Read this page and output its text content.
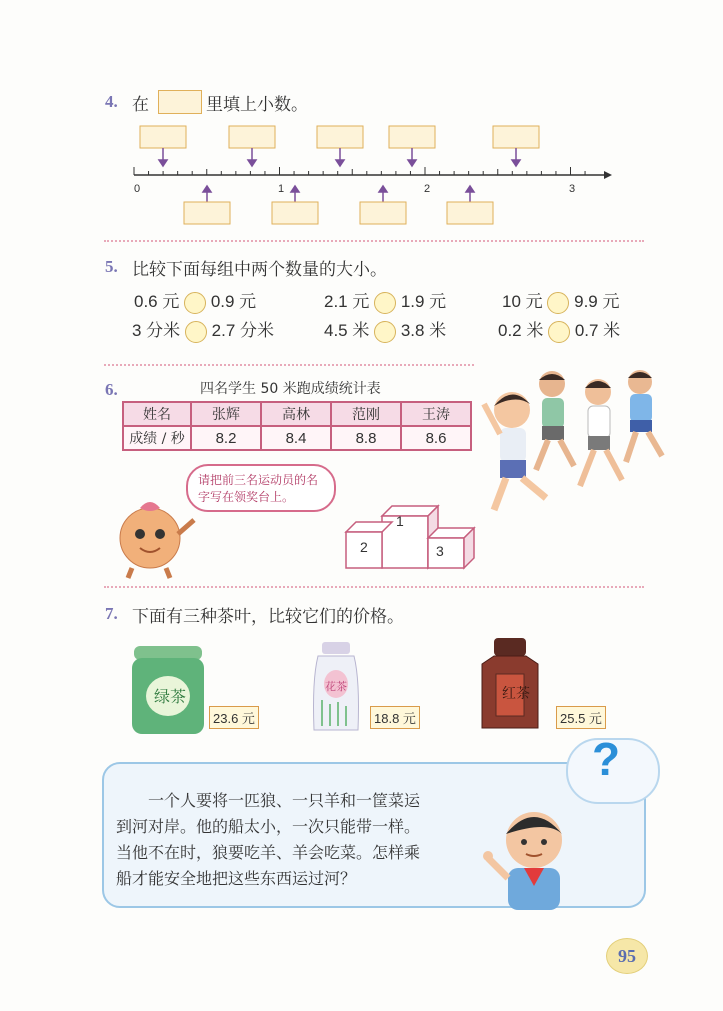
4. 在	里填上小数。
0	1	2	3
5. 比较下面每组中两个数量的大小。
0.6 元 0.9 元	2.1 元 1.9 元	10 元 9.9 元
3 分米 2.7 分米	4.5 米 3.8 米	0.2 米 0.7 米
6.	四名学生 50 米跑成绩统计表
姓名	张辉	高林	范刚	王涛
成绩 / 秒	8.2	8.4	8.8	8.6
请把前三名运动员的名字写在领奖台上。
1
2	3
7. 下面有三种茶叶，比较它们的价格。
绿茶
23.6 元
花茶
18.8 元
红茶
25.5 元
一个人要将一匹狼、一只羊和一筐菜运
到河对岸。他的船太小，一次只能带一样。
当他不在时，狼要吃羊、羊会吃菜。怎样乘
船才能安全地把这些东西运过河？
?
95
